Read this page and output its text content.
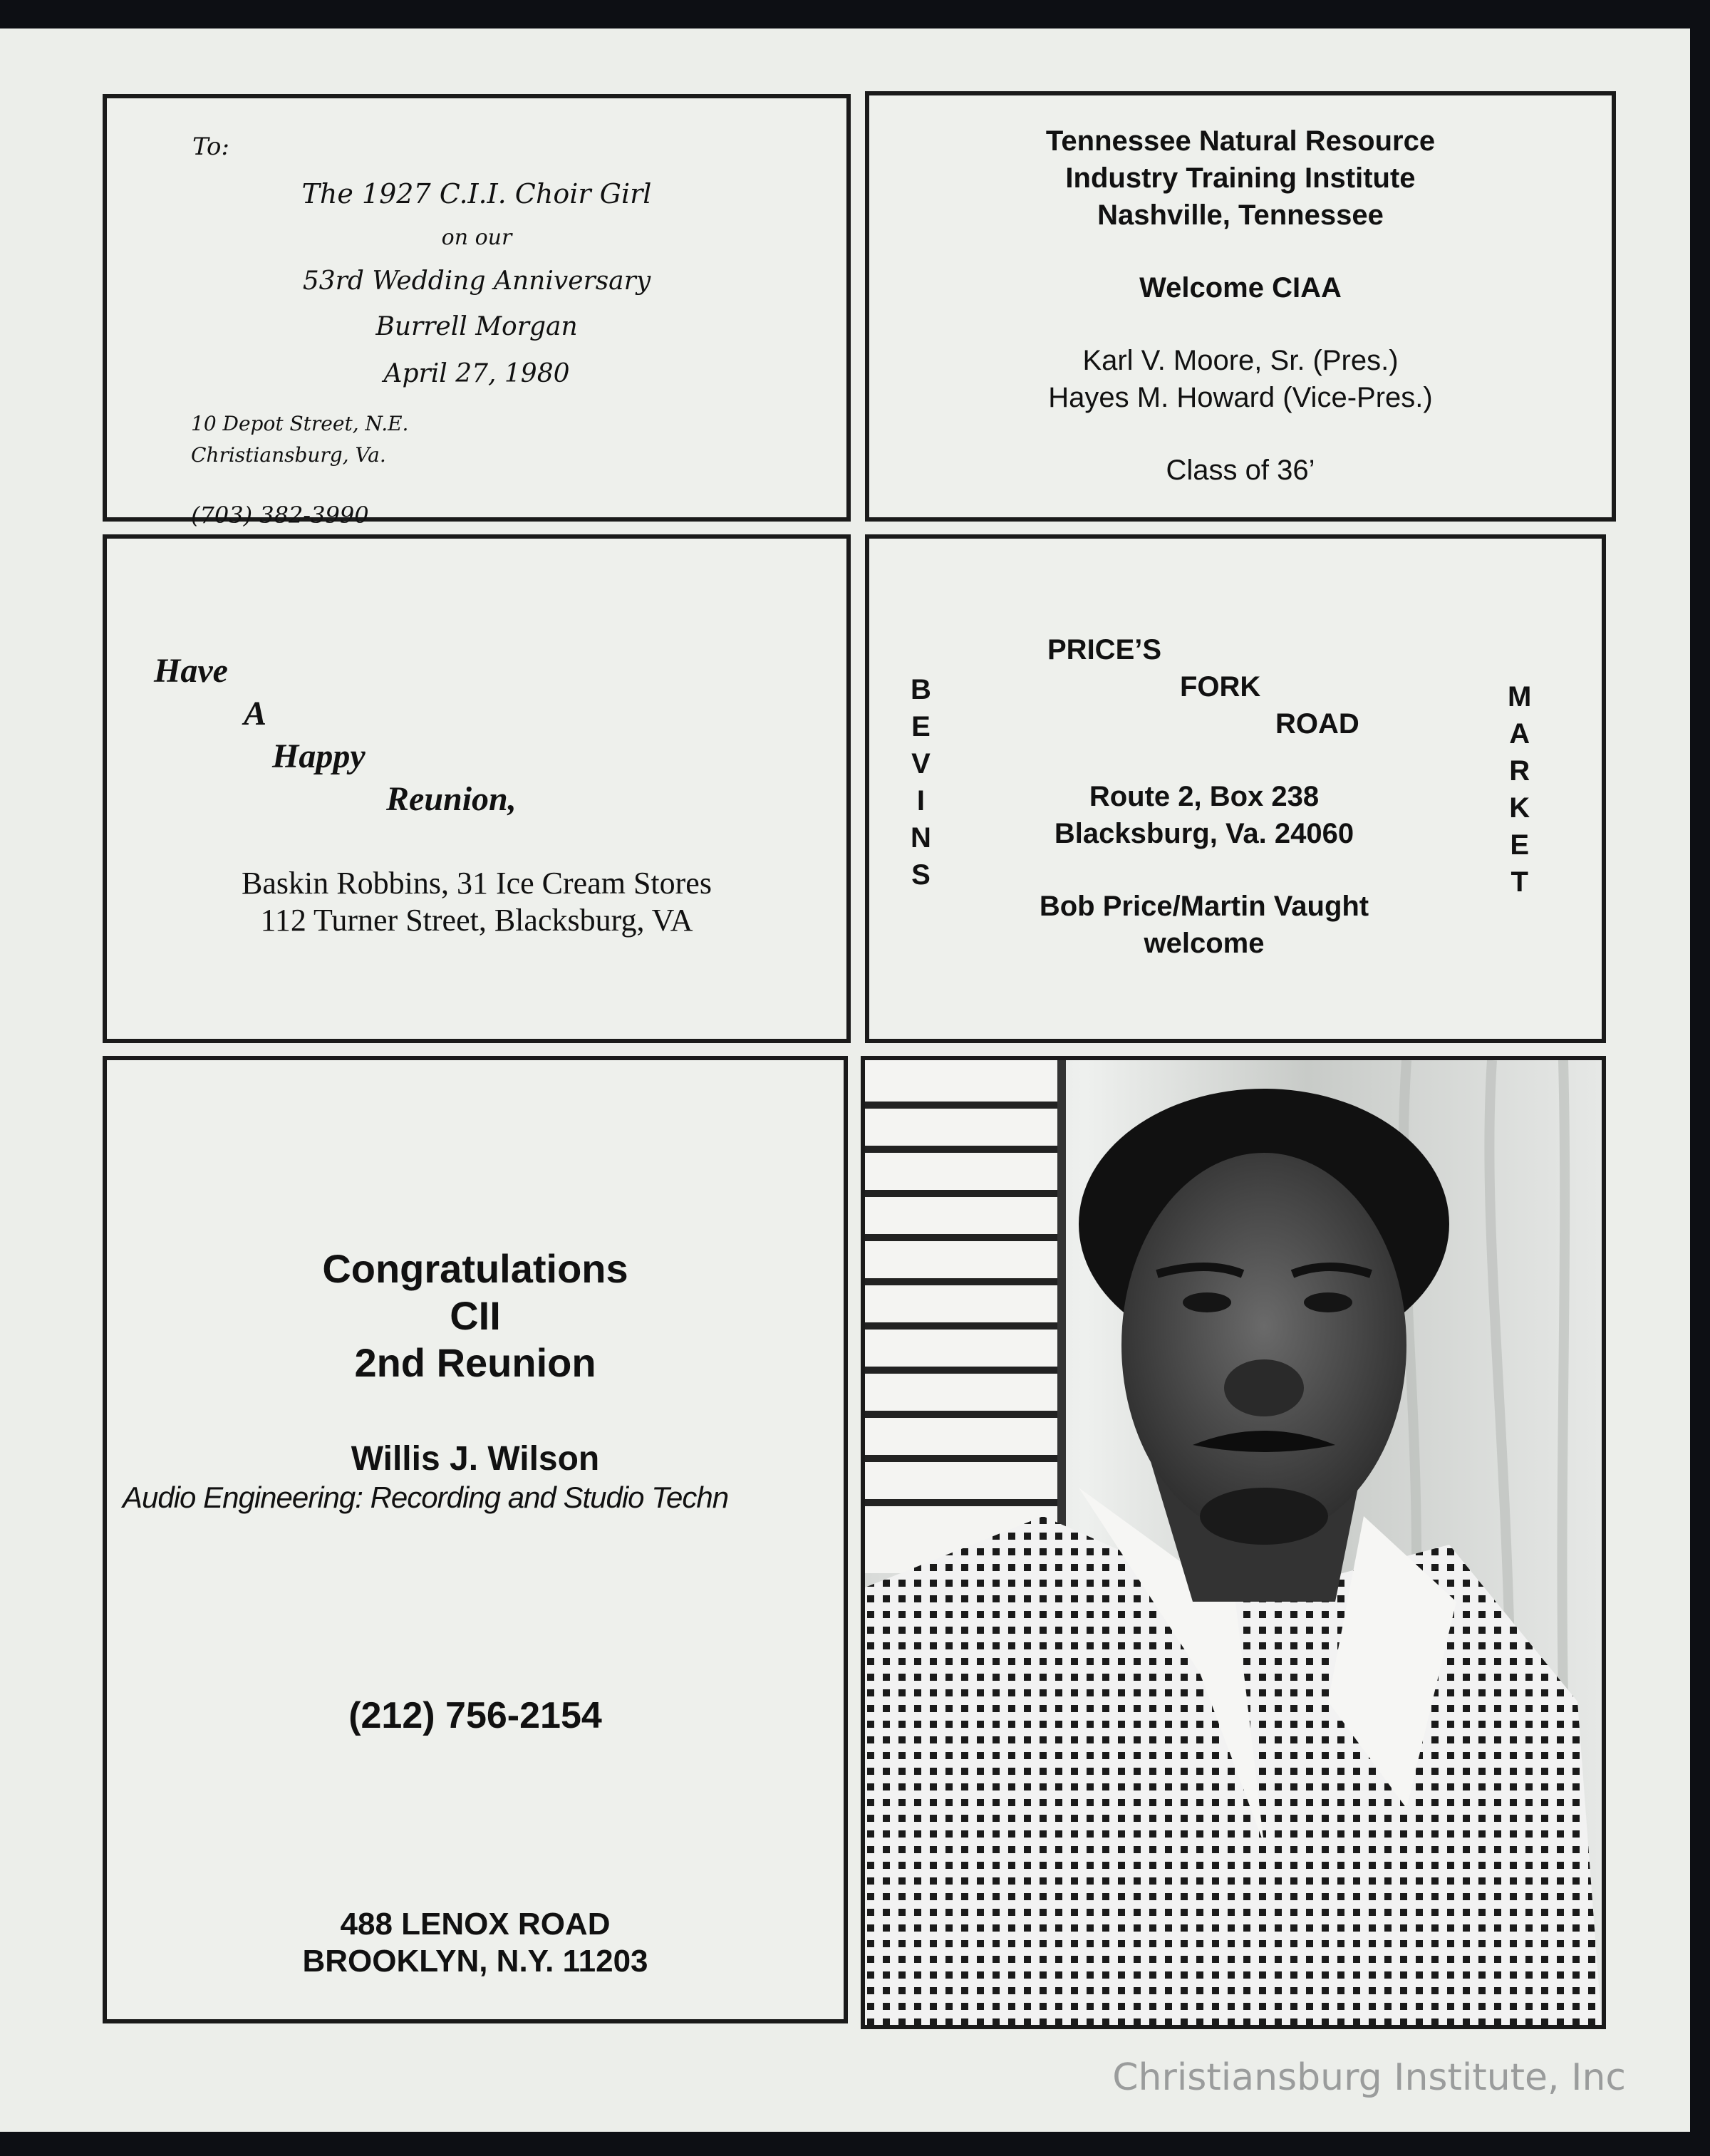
To:
The 1927 C.I.I. Choir Girl
on our
53rd Wedding Anniversary
Burrell Morgan
April 27, 1980
10 Depot Street, N.E.
Christiansburg, Va.
(703) 382-3990
Tennessee Natural Resource
Industry Training Institute
Nashville, Tennessee
Welcome CIAA
Karl V. Moore, Sr. (Pres.)
Hayes M. Howard (Vice-Pres.)
Class of 36’
Have
A
Happy
Reunion,
Baskin Robbins, 31 Ice Cream Stores
112 Turner Street, Blacksburg, VA
PRICE’S
FORK
ROAD
B
E
V
I
N
S
M
A
R
K
E
T
Route 2, Box 238
Blacksburg, Va. 24060
Bob Price/Martin Vaught
welcome
Congratulations
CII
2nd Reunion
Willis J. Wilson
Audio Engineering: Recording and Studio Techn
(212) 756-2154
488 LENOX ROAD
BROOKLYN, N.Y. 11203
Christiansburg Institute, Inc
